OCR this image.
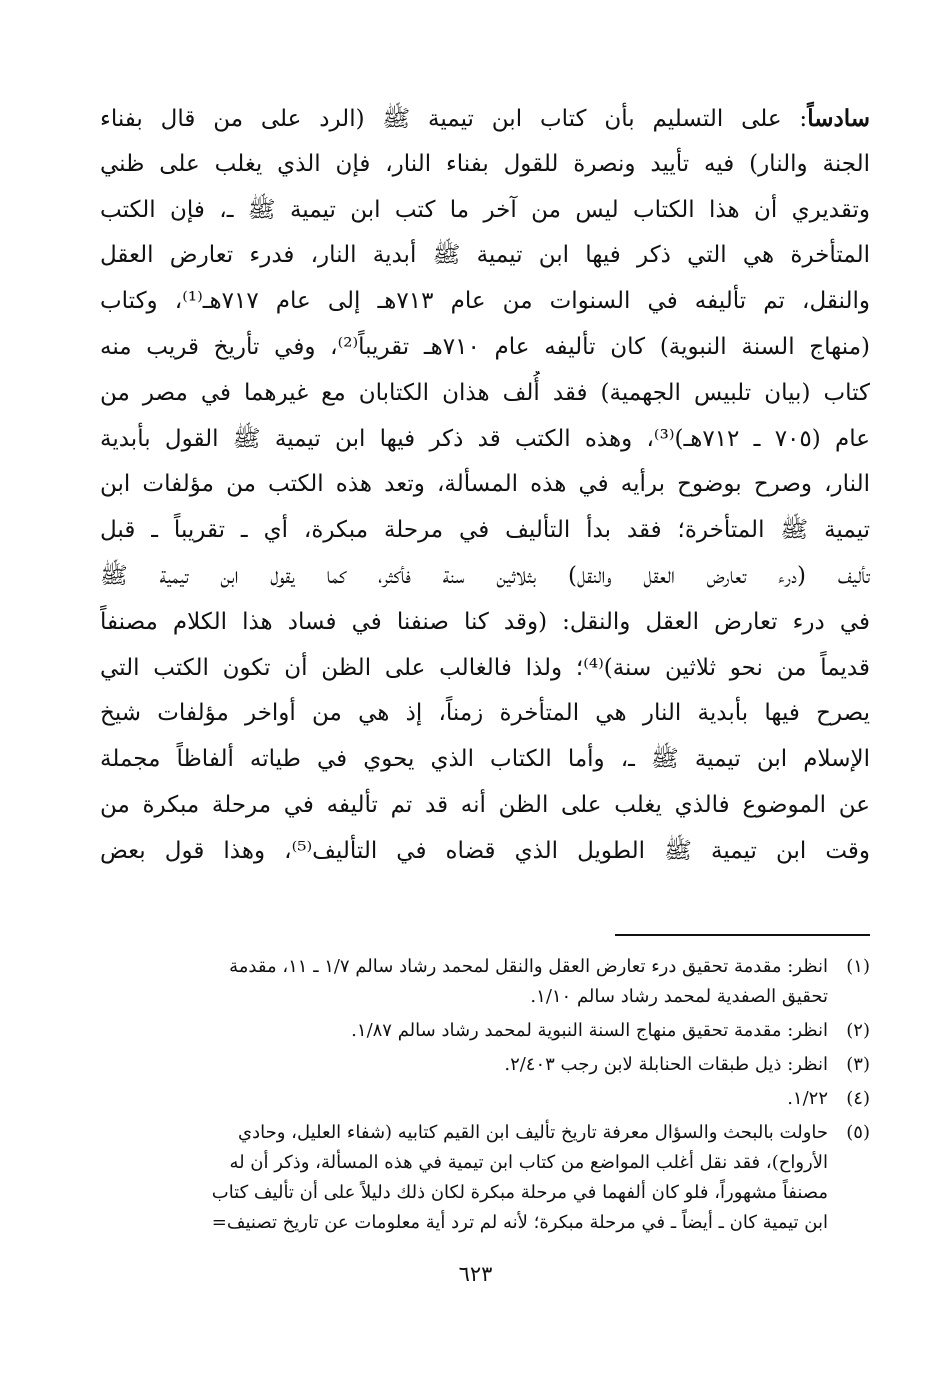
سادساً: على التسليم بأن كتاب ابن تيمية ﷺ (الرد على من قال بفناء
الجنة والنار) فيه تأييد ونصرة للقول بفناء النار، فإن الذي يغلب على ظني
وتقديري أن هذا الكتاب ليس من آخر ما كتب ابن تيمية ﷺ ـ، فإن الكتب
المتأخرة هي التي ذكر فيها ابن تيمية ﷺ أبدية النار، فدرء تعارض العقل
والنقل، تم تأليفه في السنوات من عام ٧١٣هـ إلى عام ٧١٧هـ⁽¹⁾، وكتاب
(منهاج السنة النبوية) كان تأليفه عام ٧١٠هـ تقريباً⁽²⁾، وفي تأريخ قريب منه
كتاب (بيان تلبيس الجهمية) فقد أُلف هذان الكتابان مع غيرهما في مصر من
عام (٧٠٥ ـ ٧١٢هـ)⁽³⁾، وهذه الكتب قد ذكر فيها ابن تيمية ﷺ القول بأبدية
النار، وصرح بوضوح برأيه في هذه المسألة، وتعد هذه الكتب من مؤلفات ابن
تيمية ﷺ المتأخرة؛ فقد بدأ التأليف في مرحلة مبكرة، أي ـ تقريباً ـ قبل
تأليف (درء تعارض العقل والنقل) بثلاثين سنة فأكثر، كما يقول ابن تيمية ﷺ
في درء تعارض العقل والنقل: (وقد كنا صنفنا في فساد هذا الكلام مصنفاً
قديماً من نحو ثلاثين سنة)⁽⁴⁾؛ ولذا فالغالب على الظن أن تكون الكتب التي
يصرح فيها بأبدية النار هي المتأخرة زمناً، إذ هي من أواخر مؤلفات شيخ
الإسلام ابن تيمية ﷺ ـ، وأما الكتاب الذي يحوي في طياته ألفاظاً مجملة
عن الموضوع فالذي يغلب على الظن أنه قد تم تأليفه في مرحلة مبكرة من
وقت ابن تيمية ﷺ الطويل الذي قضاه في التأليف⁽⁵⁾، وهذا قول بعض
(١)
انظر: مقدمة تحقيق درء تعارض العقل والنقل لمحمد رشاد سالم ١/٧ ـ ١١، مقدمة
تحقيق الصفدية لمحمد رشاد سالم ١/١٠.
(٢)
انظر: مقدمة تحقيق منهاج السنة النبوية لمحمد رشاد سالم ١/٨٧.
(٣)
انظر: ذيل طبقات الحنابلة لابن رجب ٢/٤٠٣.
(٤)
١/٢٢.
(٥)
حاولت بالبحث والسؤال معرفة تاريخ تأليف ابن القيم كتابيه (شفاء العليل، وحادي
الأرواح)، فقد نقل أغلب المواضع من كتاب ابن تيمية في هذه المسألة، وذكر أن له
مصنفاً مشهوراً، فلو كان ألفهما في مرحلة مبكرة لكان ذلك دليلاً على أن تأليف كتاب
ابن تيمية كان ـ أيضاً ـ في مرحلة مبكرة؛ لأنه لم ترد أية معلومات عن تاريخ تصنيف=
٦٢٣
